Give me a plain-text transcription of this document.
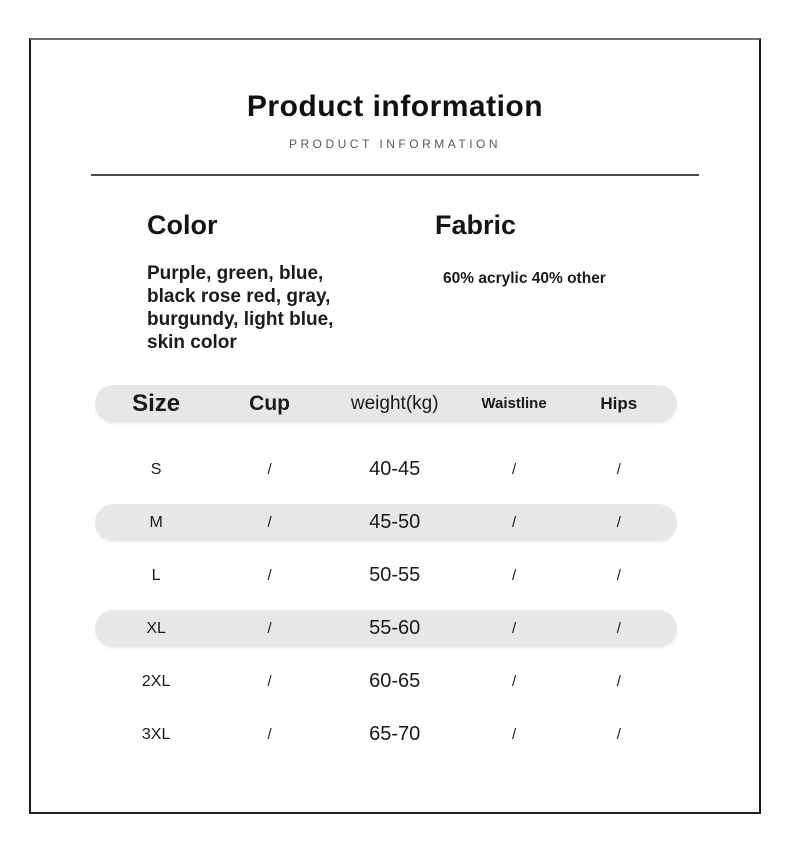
Product information
PRODUCT INFORMATION
Color
Purple, green, blue,
black rose red, gray,
burgundy, light blue,
skin color
Fabric
60% acrylic 40% other
Size	Cup	weight(kg)	Waistline	Hips
S	/	40-45	/	/
M	/	45-50	/	/
L	/	50-55	/	/
XL	/	55-60	/	/
2XL	/	60-65	/	/
3XL	/	65-70	/	/
